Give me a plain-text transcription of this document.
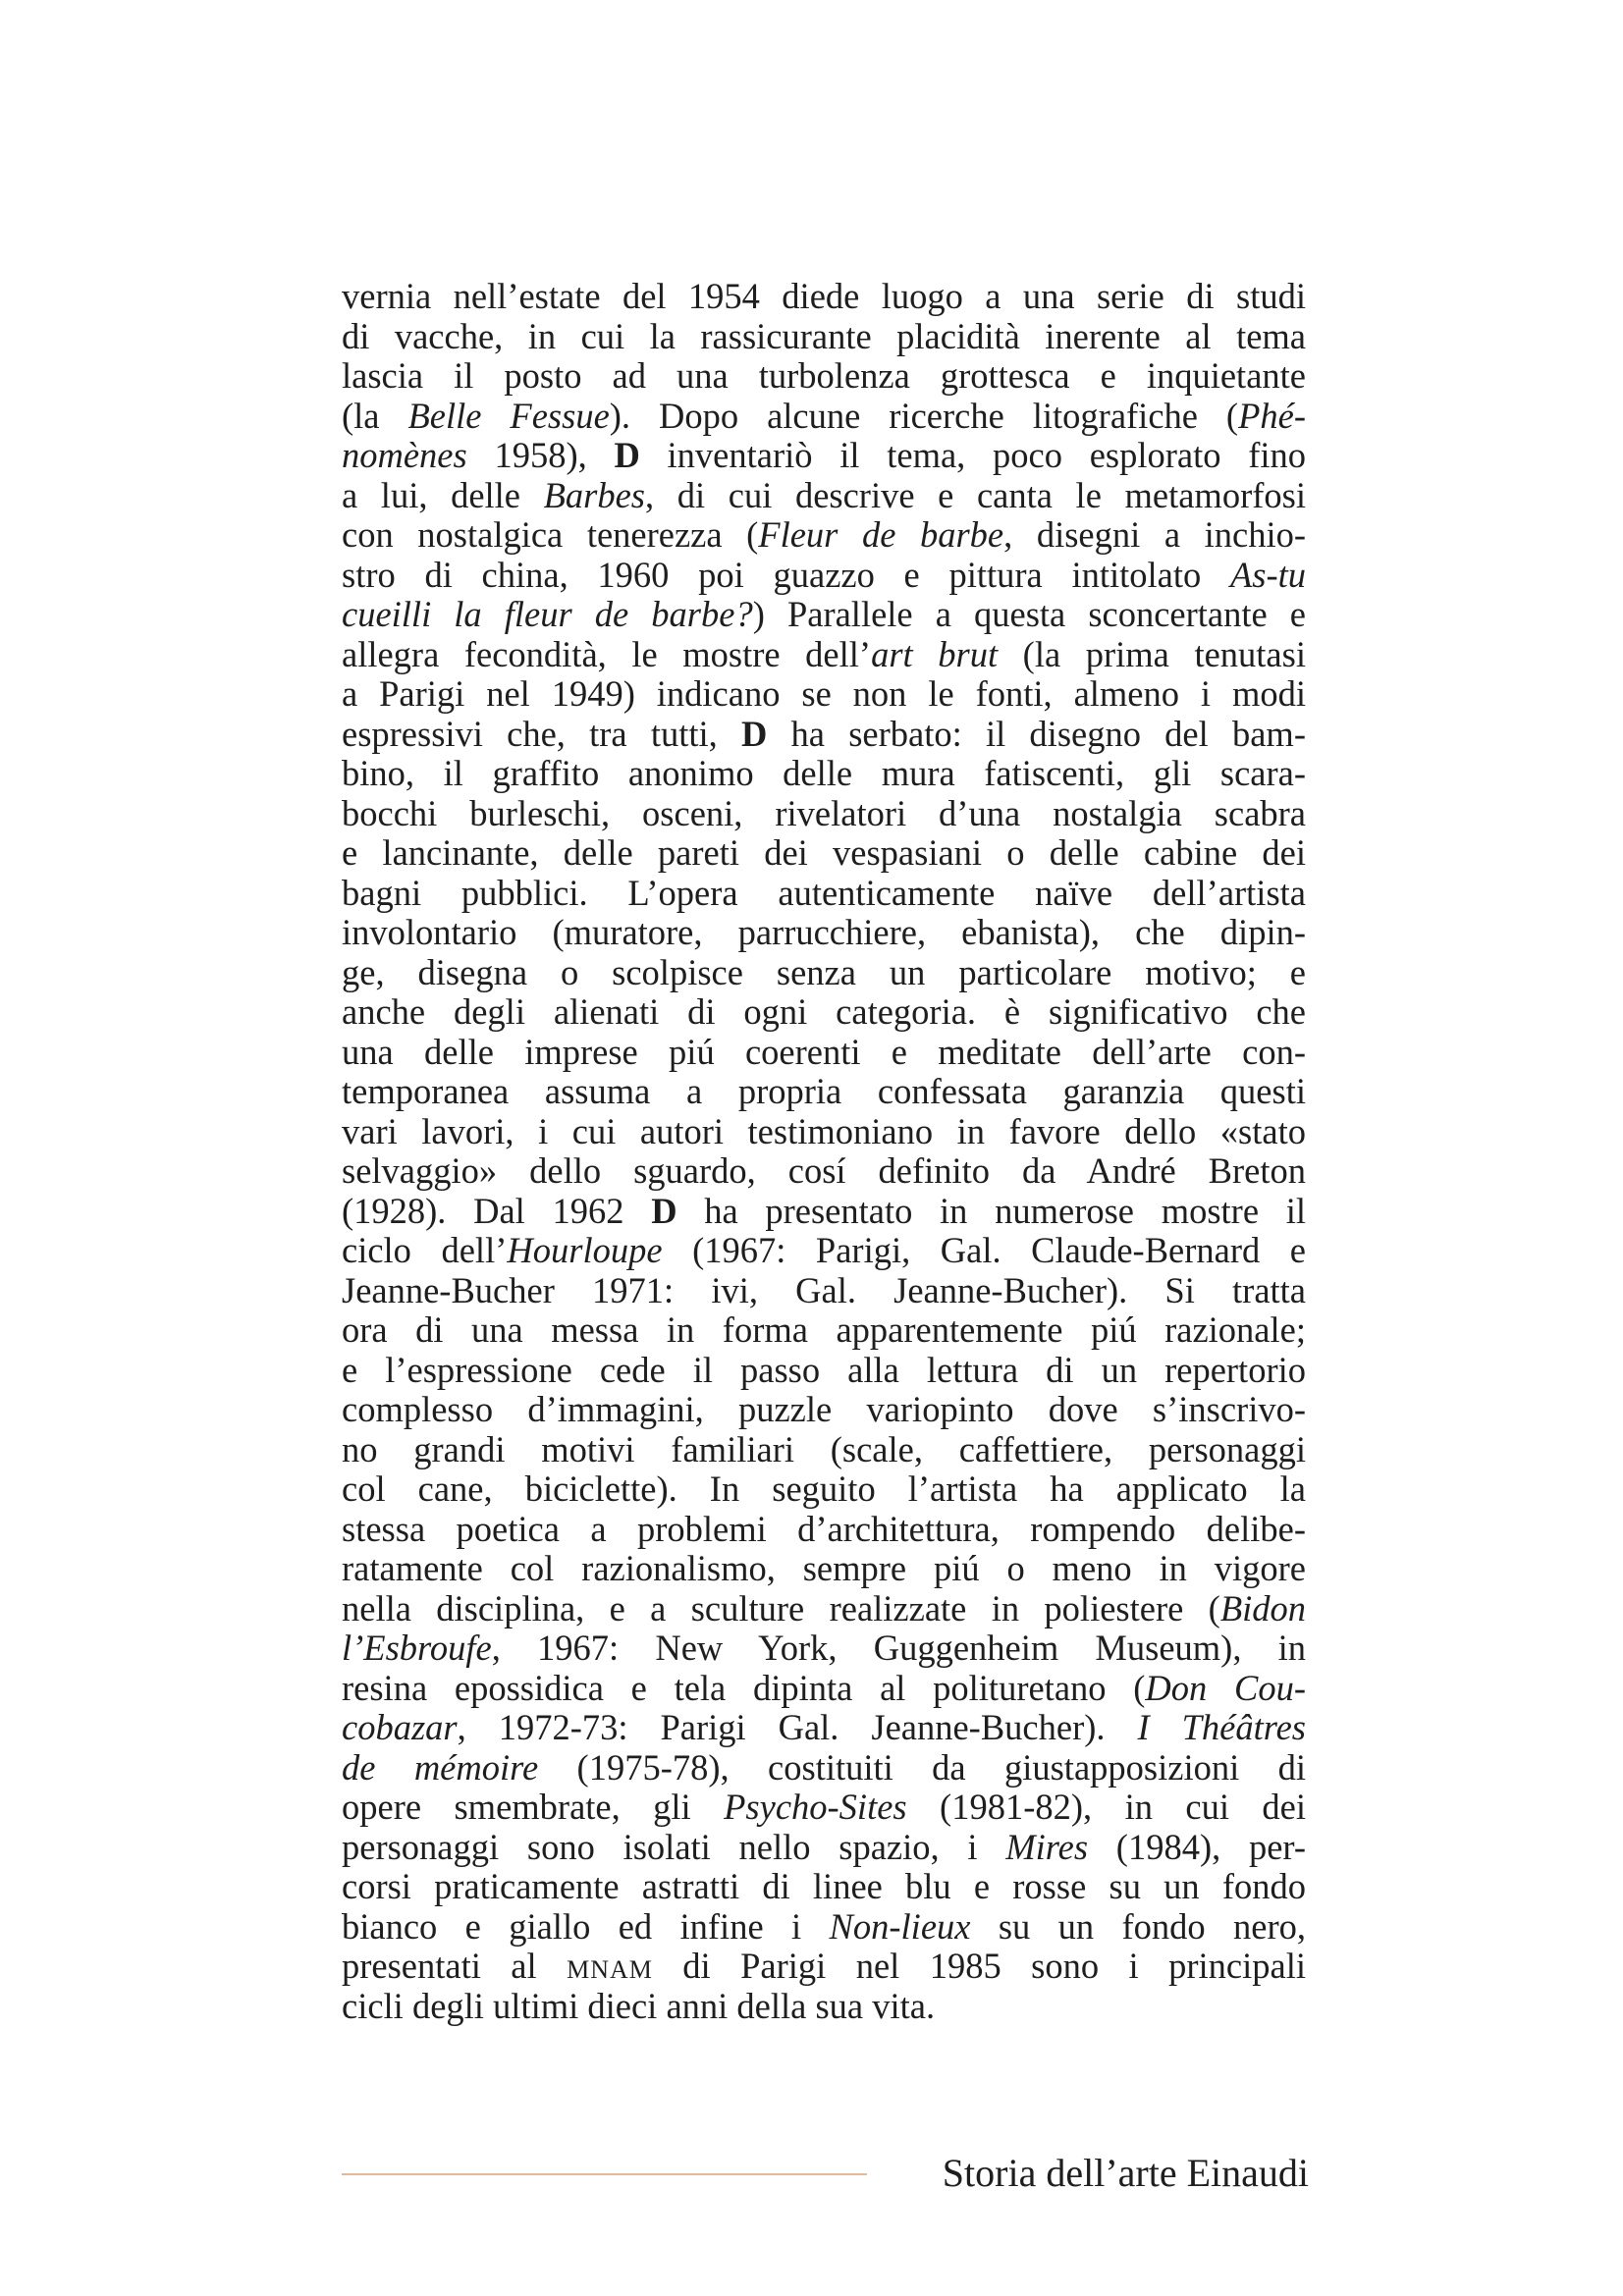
vernia nell’estate del 1954 diede luogo a una serie di studi
di vacche, in cui la rassicurante placidità inerente al tema
lascia il posto ad una turbolenza grottesca e inquietante
(la Belle Fessue). Dopo alcune ricerche litografiche (Phé-
nomènes 1958), D inventariò il tema, poco esplorato fino
a lui, delle Barbes, di cui descrive e canta le metamorfosi
con nostalgica tenerezza (Fleur de barbe, disegni a inchio-
stro di china, 1960 poi guazzo e pittura intitolato As-tu
cueilli la fleur de barbe?) Parallele a questa sconcertante e
allegra fecondità, le mostre dell’art brut (la prima tenutasi
a Parigi nel 1949) indicano se non le fonti, almeno i modi
espressivi che, tra tutti, D ha serbato: il disegno del bam-
bino, il graffito anonimo delle mura fatiscenti, gli scara-
bocchi burleschi, osceni, rivelatori d’una nostalgia scabra
e lancinante, delle pareti dei vespasiani o delle cabine dei
bagni pubblici. L’opera autenticamente naïve dell’artista
involontario (muratore, parrucchiere, ebanista), che dipin-
ge, disegna o scolpisce senza un particolare motivo; e
anche degli alienati di ogni categoria. è significativo che
una delle imprese piú coerenti e meditate dell’arte con-
temporanea assuma a propria confessata garanzia questi
vari lavori, i cui autori testimoniano in favore dello «stato
selvaggio» dello sguardo, cosí definito da André Breton
(1928). Dal 1962 D ha presentato in numerose mostre il
ciclo dell’Hourloupe (1967: Parigi, Gal. Claude-Bernard e
Jeanne-Bucher 1971: ivi, Gal. Jeanne-Bucher). Si tratta
ora di una messa in forma apparentemente piú razionale;
e l’espressione cede il passo alla lettura di un repertorio
complesso d’immagini, puzzle variopinto dove s’inscrivo-
no grandi motivi familiari (scale, caffettiere, personaggi
col cane, biciclette). In seguito l’artista ha applicato la
stessa poetica a problemi d’architettura, rompendo delibe-
ratamente col razionalismo, sempre piú o meno in vigore
nella disciplina, e a sculture realizzate in poliestere (Bidon
l’Esbroufe, 1967: New York, Guggenheim Museum), in
resina epossidica e tela dipinta al polituretano (Don Cou-
cobazar, 1972-73: Parigi Gal. Jeanne-Bucher). I Théâtres
de mémoire (1975-78), costituiti da giustapposizioni di
opere smembrate, gli Psycho-Sites (1981-82), in cui dei
personaggi sono isolati nello spazio, i Mires (1984), per-
corsi praticamente astratti di linee blu e rosse su un fondo
bianco e giallo ed infine i Non-lieux su un fondo nero,
presentati al mnam di Parigi nel 1985 sono i principali
cicli degli ultimi dieci anni della sua vita.
Storia dell’arte Einaudi
